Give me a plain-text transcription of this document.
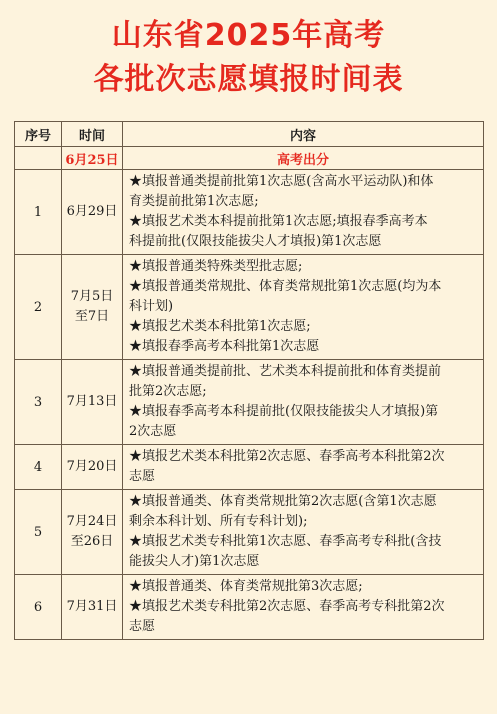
山东省2025年高考
各批次志愿填报时间表
序号	时间	内容
	6月25日	高考出分
1	6月29日	★填报普通类提前批第1次志愿(含高水平运动队)和体
育类提前批第1次志愿;
★填报艺术类本科提前批第1次志愿;填报春季高考本
科提前批(仅限技能拔尖人才填报)第1次志愿

2	7月5日
至7日	★填报普通类特殊类型批志愿;
★填报普通类常规批、体育类常规批第1次志愿(均为本
科计划)
★填报艺术类本科批第1次志愿;
★填报春季高考本科批第1次志愿

3	7月13日	★填报普通类提前批、艺术类本科提前批和体育类提前
批第2次志愿;
★填报春季高考本科提前批(仅限技能拔尖人才填报)第
2次志愿

4	7月20日	★填报艺术类本科批第2次志愿、春季高考本科批第2次
志愿

5	7月24日
至26日	★填报普通类、体育类常规批第2次志愿(含第1次志愿
剩余本科计划、所有专科计划);
★填报艺术类专科批第1次志愿、春季高考专科批(含技
能拔尖人才)第1次志愿

6	7月31日	★填报普通类、体育类常规批第3次志愿;
★填报艺术类专科批第2次志愿、春季高考专科批第2次
志愿
